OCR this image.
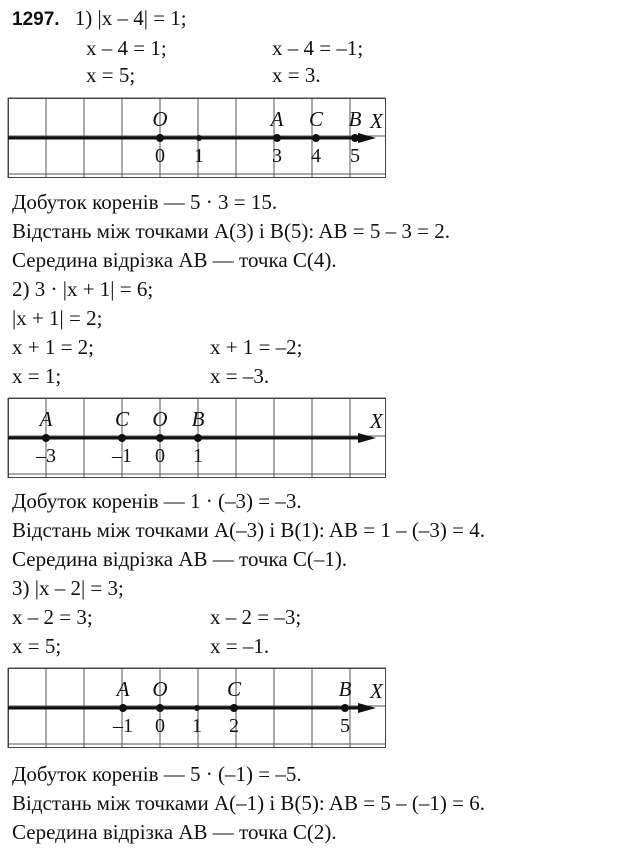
1297. 1) |x – 4| = 1;
x – 4 = 1;	x – 4 = –1;
x = 5;	x = 3.
X
O	A C B
0 1	3 4 5
Добуток коренів — 5 · 3 = 15.
Відстань між точками A(3) і B(5): AB = 5 – 3 = 2.
Середина відрізка AB — точка C(4).
2) 3 · |x + 1| = 6;
|x + 1| = 2;
x + 1 = 2;	x + 1 = –2;
x = 1;	x = –3.
X
A	C O B
–3	–1 0 1
Добуток коренів — 1 · (–3) = –3.
Відстань між точками A(–3) і B(1): AB = 1 – (–3) = 4.
Середина відрізка AB — точка C(–1).
3) |x – 2| = 3;
x – 2 = 3;	x – 2 = –3;
x = 5;	x = –1.
X
A O	C	B
–1 0 1 2	5
Добуток коренів — 5 · (–1) = –5.
Відстань між точками A(–1) і B(5): AB = 5 – (–1) = 6.
Середина відрізка AB — точка C(2).
